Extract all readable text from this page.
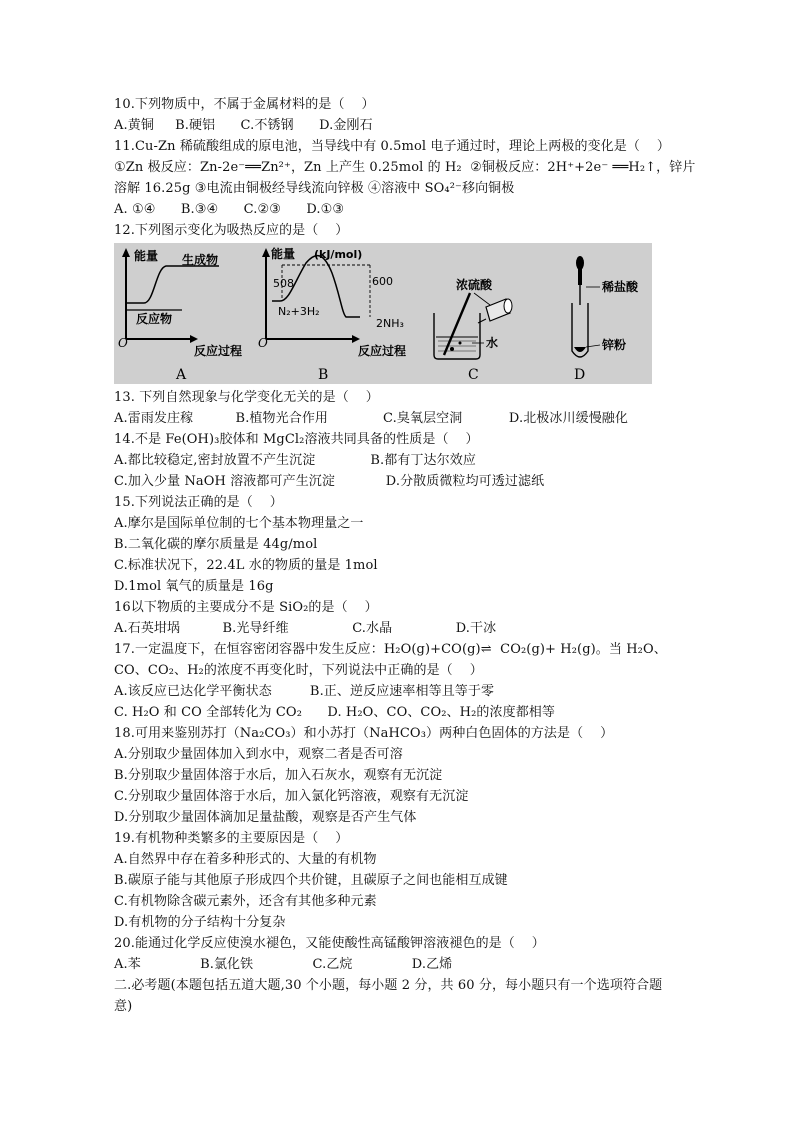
10.下列物质中，不属于金属材料的是（    ）
A.黄铜     B.硬铝      C.不锈钢      D.金刚石
11.Cu-Zn 稀硫酸组成的原电池，当导线中有 0.5mol 电子通过时，理论上两极的变化是（    ）
①Zn 极反应：Zn-2e⁻══Zn²⁺，Zn 上产生 0.25mol 的 H₂  ②铜极反应：2H⁺+2e⁻ ══H₂↑，锌片
溶解 16.25g ③电流由铜极经导线流向锌极 ④溶液中 SO₄²⁻移向铜极
A. ①④      B.③④      C.②③      D.①③
12.下列图示变化为吸热反应的是（    ）
能量 生成物
反应物
O
反应过程
A
能量 (kJ/mol)
508	600
N₂+3H₂
2NH₃
O
反应过程
B
浓硫酸
水
C
稀盐酸
锌粉
D
13. 下列自然现象与化学变化无关的是（    ）
A.雷雨发庄稼          B.植物光合作用             C.臭氧层空洞           D.北极冰川缓慢融化
14.不是 Fe(OH)₃胶体和 MgCl₂溶液共同具备的性质是（    ）
A.都比较稳定,密封放置不产生沉淀             B.都有丁达尔效应
C.加入少量 NaOH 溶液都可产生沉淀            D.分散质微粒均可透过滤纸
15.下列说法正确的是（    ）
A.摩尔是国际单位制的七个基本物理量之一
B.二氧化碳的摩尔质量是 44g/mol
C.标准状况下，22.4L 水的物质的量是 1mol
D.1mol 氧气的质量是 16g
16以下物质的主要成分不是 SiO₂的是（    ）
A.石英坩埚          B.光导纤维               C.水晶               D.干冰
17.一定温度下，在恒容密闭容器中发生反应：H₂O(g)+CO(g)⇌  CO₂(g)+ H₂(g)。当 H₂O、
CO、CO₂、H₂的浓度不再变化时，下列说法中正确的是（    ）
A.该反应已达化学平衡状态         B.正、逆反应速率相等且等于零
C. H₂O 和 CO 全部转化为 CO₂      D. H₂O、CO、CO₂、H₂的浓度都相等
18.可用来鉴别苏打（Na₂CO₃）和小苏打（NaHCO₃）两种白色固体的方法是（    ）
A.分别取少量固体加入到水中，观察二者是否可溶
B.分别取少量固体溶于水后，加入石灰水，观察有无沉淀
C.分别取少量固体溶于水后，加入氯化钙溶液，观察有无沉淀
D.分别取少量固体滴加足量盐酸，观察是否产生气体
19.有机物种类繁多的主要原因是（    ）
A.自然界中存在着多种形式的、大量的有机物
B.碳原子能与其他原子形成四个共价键，且碳原子之间也能相互成键
C.有机物除含碳元素外，还含有其他多种元素
D.有机物的分子结构十分复杂
20.能通过化学反应使溴水褪色，又能使酸性高锰酸钾溶液褪色的是（    ）
A.苯              B.氯化铁              C.乙烷              D.乙烯
二.必考题(本题包括五道大题,30 个小题，每小题 2 分，共 60 分，每小题只有一个选项符合题
意)
